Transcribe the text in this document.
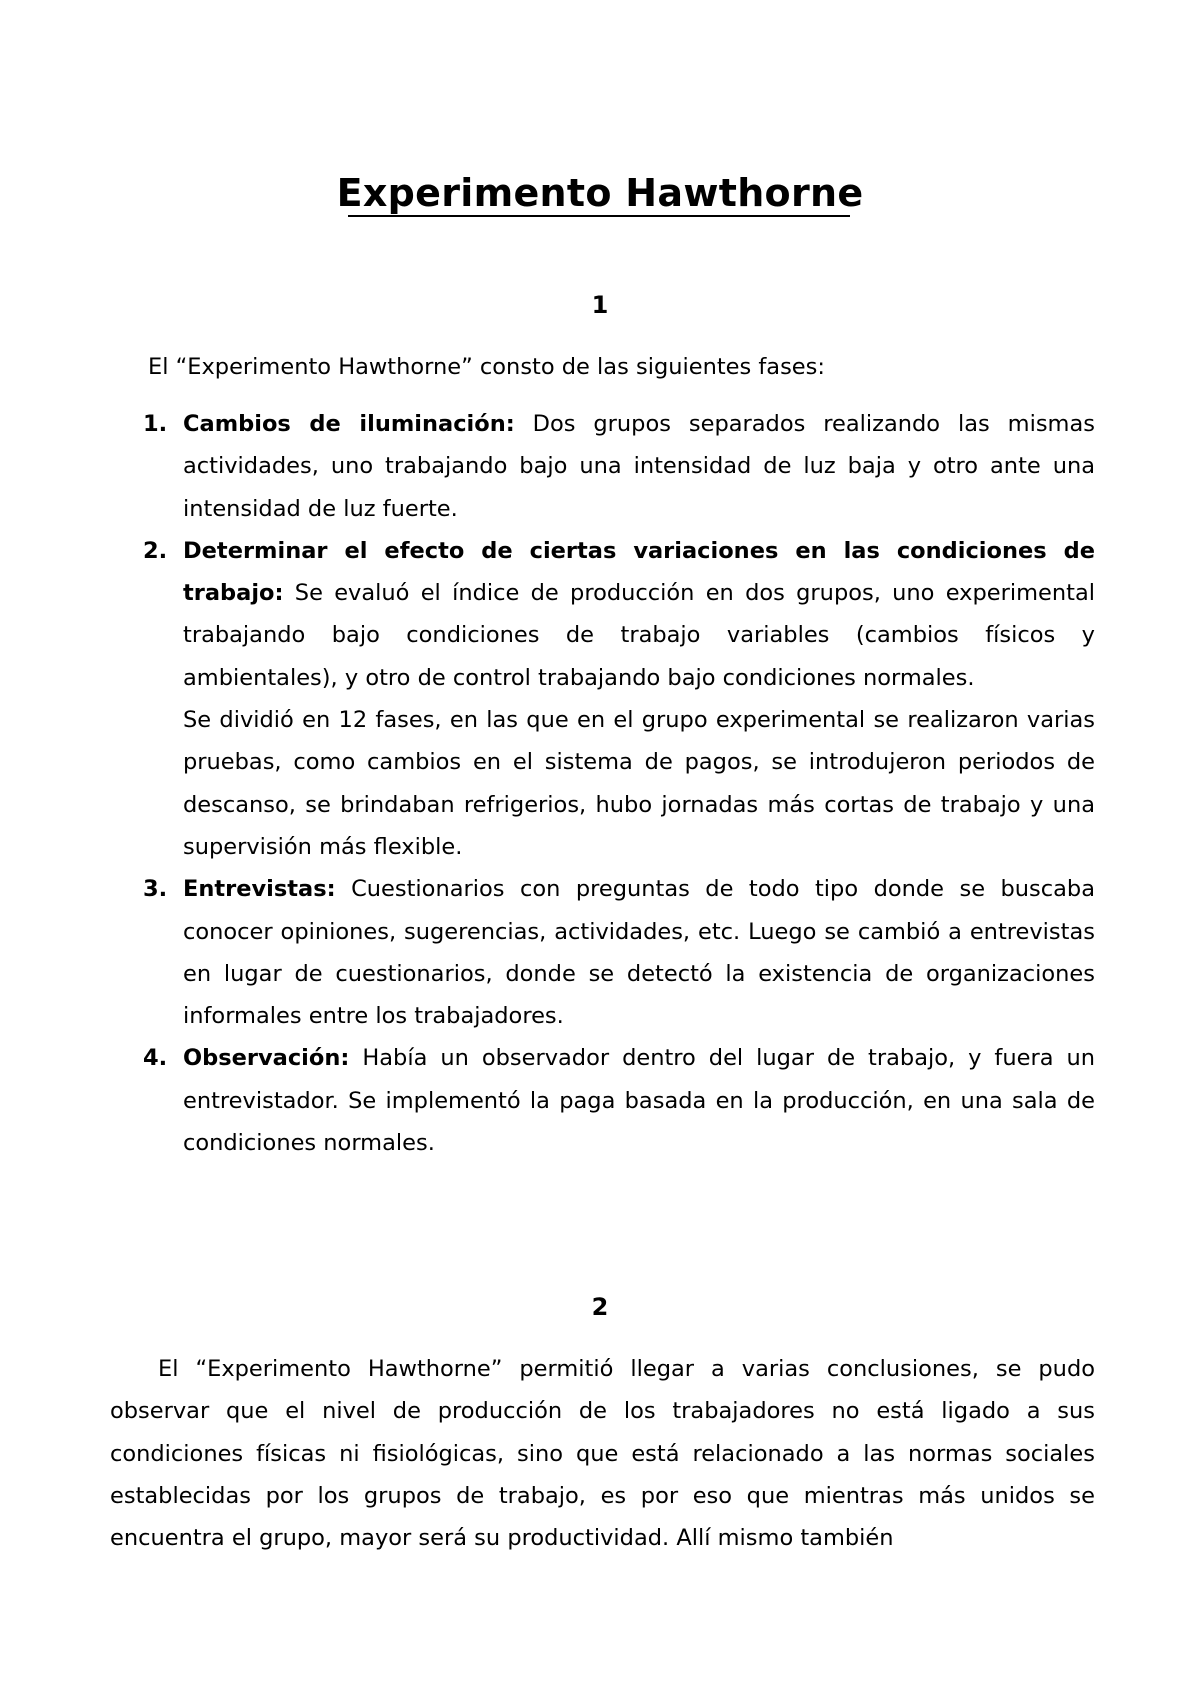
Experimento Hawthorne
1
El “Experimento Hawthorne” consto de las siguientes fases:
1. Cambios de iluminación: Dos grupos separados realizando las mismas actividades, uno trabajando bajo una intensidad de luz baja y otro ante una intensidad de luz fuerte.
2. Determinar el efecto de ciertas variaciones en las condiciones de trabajo: Se evaluó el índice de producción en dos grupos, uno experimental trabajando bajo condiciones de trabajo variables (cambios físicos y ambientales), y otro de control trabajando bajo condiciones normales.
Se dividió en 12 fases, en las que en el grupo experimental se realizaron varias pruebas, como cambios en el sistema de pagos, se introdujeron periodos de descanso, se brindaban refrigerios, hubo jornadas más cortas de trabajo y una supervisión más flexible.
3. Entrevistas: Cuestionarios con preguntas de todo tipo donde se buscaba conocer opiniones, sugerencias, actividades, etc. Luego se cambió a entrevistas en lugar de cuestionarios, donde se detectó la existencia de organizaciones informales entre los trabajadores.
4. Observación: Había un observador dentro del lugar de trabajo, y fuera un entrevistador. Se implementó la paga basada en la producción, en una sala de condiciones normales.
2
El “Experimento Hawthorne” permitió llegar a varias conclusiones, se pudo observar que el nivel de producción de los trabajadores no está ligado a sus condiciones físicas ni fisiológicas, sino que está relacionado a las normas sociales establecidas por los grupos de trabajo, es por eso que mientras más unidos se encuentra el grupo, mayor será su productividad. Allí mismo también
